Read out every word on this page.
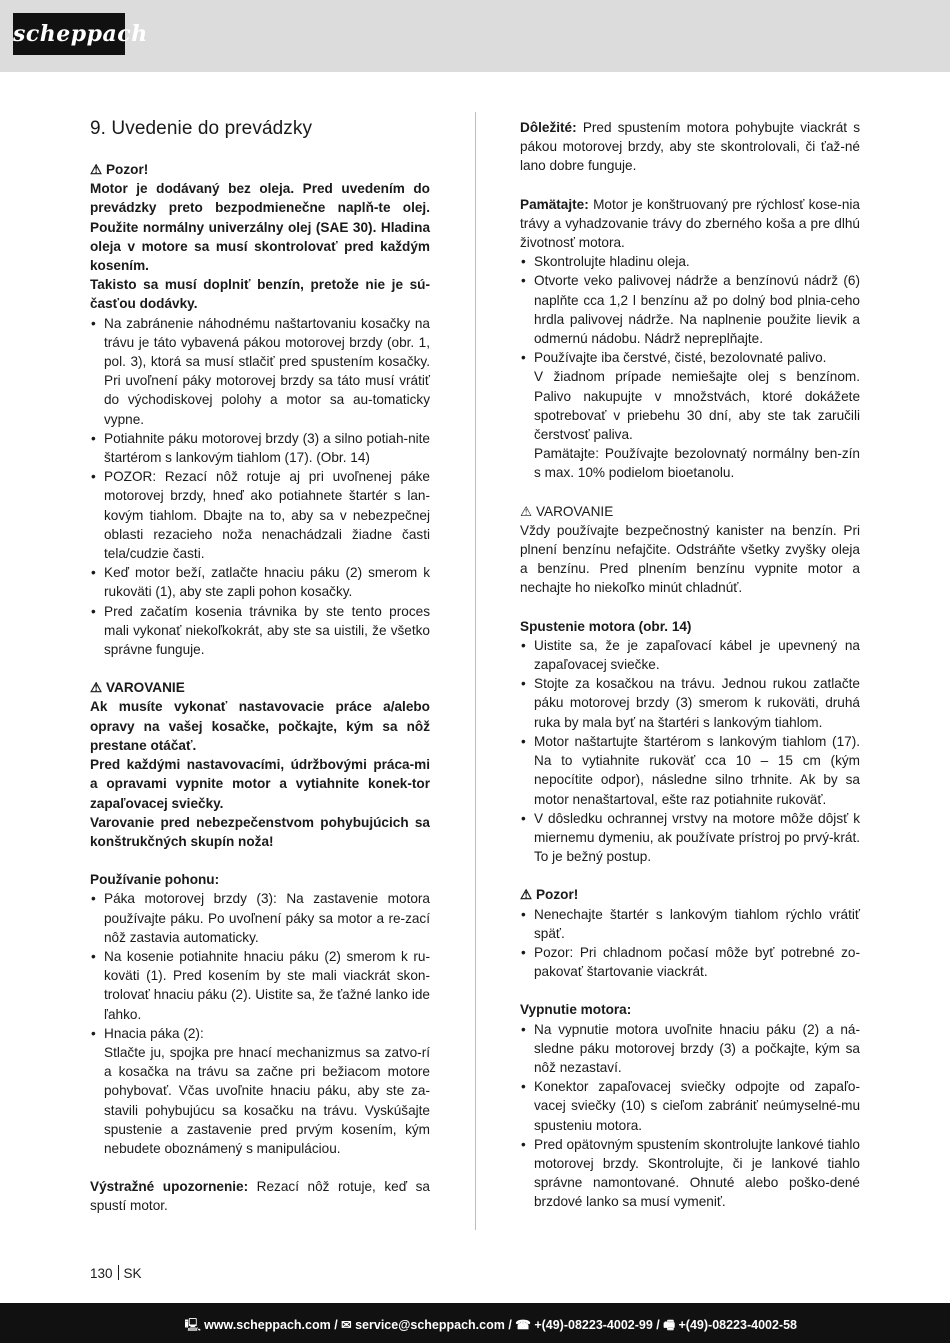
scheppach
9. Uvedenie do prevádzky

⚠ Pozor!

Motor je dodávaný bez oleja. Pred uvedením do prevádzky preto bezpodmienečne naplň-te olej. Použite normálny univerzálny olej (SAE 30). Hladina oleja v motore sa musí skontrolovať pred každým kosením.

Takisto sa musí doplniť benzín, pretože nie je sú-časťou dodávky.

• Na zabránenie náhodnému naštartovaniu kosačky na trávu je táto vybavená pákou motorovej brzdy (obr. 1, pol. 3), ktorá sa musí stlačiť pred spustením kosačky. Pri uvoľnení páky motorovej brzdy sa táto musí vrátiť do východiskovej polohy a motor sa au-tomaticky vypne.
• Potiahnite páku motorovej brzdy (3) a silno potiah-nite štartérom s lankovým tiahlom (17). (Obr. 14)
• POZOR: Rezací nôž rotuje aj pri uvoľnenej páke motorovej brzdy, hneď ako potiahnete štartér s lan-kovým tiahlom. Dbajte na to, aby sa v nebezpečnej oblasti rezacieho noža nenachádzali žiadne časti tela/cudzie časti.
• Keď motor beží, zatlačte hnaciu páku (2) smerom k rukoväti (1), aby ste zapli pohon kosačky.
• Pred začatím kosenia trávnika by ste tento proces mali vykonať niekoľkokrát, aby ste sa uistili, že všetko správne funguje.

⚠ VAROVANIE

Ak musíte vykonať nastavovacie práce a/alebo opravy na vašej kosačke, počkajte, kým sa nôž prestane otáčať.

Pred každými nastavovacími, údržbovými práca-mi a opravami vypnite motor a vytiahnite konek-tor zapaľovacej sviečky.

Varovanie pred nebezpečenstvom pohybujúcich sa konštrukčných skupín noža!

Používanie pohonu:

• Páka motorovej brzdy (3): Na zastavenie motora používajte páku. Po uvoľnení páky sa motor a re-zací nôž zastavia automaticky.
• Na kosenie potiahnite hnaciu páku (2) smerom k ru-koväti (1). Pred kosením by ste mali viackrát skon-trolovať hnaciu páku (2). Uistite sa, že ťažné lanko ide ľahko.
• Hnacia páka (2):
Stlačte ju, spojka pre hnací mechanizmus sa zatvo-rí a kosačka na trávu sa začne pri bežiacom motore pohybovať. Včas uvoľnite hnaciu páku, aby ste za-stavili pohybujúcu sa kosačku na trávu. Vyskúšajte spustenie a zastavenie pred prvým kosením, kým nebudete oboznámený s manipuláciou.

Výstražné upozornenie: Rezací nôž rotuje, keď sa spustí motor.

Dôležité: Pred spustením motora pohybujte viackrát s pákou motorovej brzdy, aby ste skontrolovali, či ťaž-né lano dobre funguje.

Pamätajte: Motor je konštruovaný pre rýchlosť kose-nia trávy a vyhadzovanie trávy do zberného koša a pre dlhú životnosť motora.

• Skontrolujte hladinu oleja.
• Otvorte veko palivovej nádrže a benzínovú nádrž (6) naplňte cca 1,2 l benzínu až po dolný bod plnia-ceho hrdla palivovej nádrže. Na naplnenie použite lievik a odmernú nádobu. Nádrž nepreplňajte.
• Používajte iba čerstvé, čisté, bezolovnaté palivo.
V žiadnom prípade nemiešajte olej s benzínom. Palivo nakupujte v množstvách, ktoré dokážete spotrebovať v priebehu 30 dní, aby ste tak zaručili čerstvosť paliva.
Pamätajte: Používajte bezolovnatý normálny ben-zín s max. 10% podielom bioetanolu.

⚠ VAROVANIE

Vždy používajte bezpečnostný kanister na benzín. Pri plnení benzínu nefajčite. Odstráňte všetky zvyšky oleja a benzínu. Pred plnením benzínu vypnite motor a nechajte ho niekoľko minút chladnúť.

Spustenie motora (obr. 14)

• Uistite sa, že je zapaľovací kábel je upevnený na zapaľovacej sviečke.
• Stojte za kosačkou na trávu. Jednou rukou zatlačte páku motorovej brzdy (3) smerom k rukoväti, druhá ruka by mala byť na štartéri s lankovým tiahlom.
• Motor naštartujte štartérom s lankovým tiahlom (17). Na to vytiahnite rukoväť cca 10 – 15 cm (kým nepocítite odpor), následne silno trhnite. Ak by sa motor nenaštartoval, ešte raz potiahnite rukoväť.
• V dôsledku ochrannej vrstvy na motore môže dôjsť k miernemu dymeniu, ak používate prístroj po prvý-krát. To je bežný postup.

⚠ Pozor!

• Nenechajte štartér s lankovým tiahlom rýchlo vrátiť späť.
• Pozor: Pri chladnom počasí môže byť potrebné zo-pakovať štartovanie viackrát.

Vypnutie motora:

• Na vypnutie motora uvoľnite hnaciu páku (2) a ná-sledne páku motorovej brzdy (3) a počkajte, kým sa nôž nezastaví.
• Konektor zapaľovacej sviečky odpojte od zapaľo-vacej sviečky (10) s cieľom zabrániť neúmyselné-mu spusteniu motora.
• Pred opätovným spustením skontrolujte lankové tiahlo motorovej brzdy. Skontrolujte, či je lankové tiahlo správne namontované. Ohnuté alebo poško-dené brzdové lanko sa musí vymeniť.
130 SK
🖳 www.scheppach.com / ✉ service@scheppach.com / ☎ +(49)-08223-4002-99 / 🖷 +(49)-08223-4002-58
